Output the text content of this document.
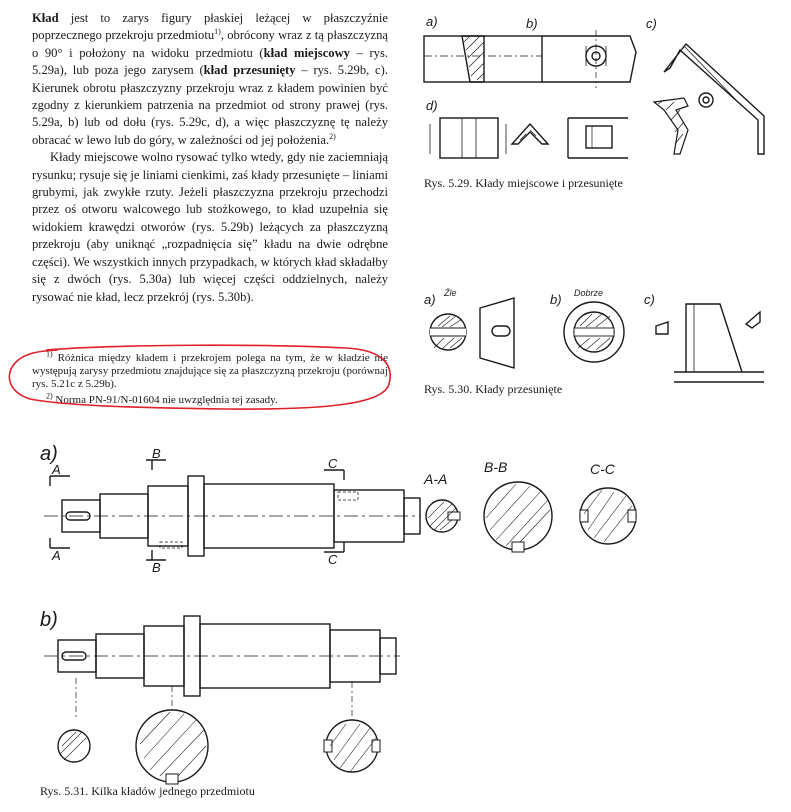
Kład jest to zarys figury płaskiej leżącej w płaszczyźnie poprzecznego przekroju przedmiotu$^{1)}$, obrócony wraz z tą płaszczyzną o 90° i położony na widoku przedmiotu (kład miejscowy – rys. 5.29a), lub poza jego zarysem (kład przesunięty – rys. 5.29b, c). Kierunek obrotu płaszczyzny przekroju wraz z kładem powinien być zgodny z kierunkiem patrzenia na przedmiot od strony prawej (rys. 5.29a, b) lub od dołu (rys. 5.29c, d), a więc płaszczyznę tę należy obracać w lewo lub do góry, w zależności od jej położenia.$^{2)}$

Kłady miejscowe wolno rysować tylko wtedy, gdy nie zaciemniają rysunku; rysuje się je liniami cienkimi, zaś kłady przesunięte – liniami grubymi, jak zwykłe rzuty. Jeżeli płaszczyzna przekroju przechodzi przez oś otworu walcowego lub stożkowego, to kład uzupełnia się widokiem krawędzi otworów (rys. 5.29b) leżących za płaszczyzną przekroju (aby uniknąć „rozpadnięcia się” kładu na dwie odrębne części). We wszystkich innych przypadkach, w których kład składałby się z dwóch (rys. 5.30a) lub więcej części oddzielnych, należy rysować nie kład, lecz przekrój (rys. 5.30b).

$^{1)}$ Różnica między kładem i przekrojem polega na tym, że w kładzie nie występują zarysy przedmiotu znajdujące się za płaszczyzną przekroju (porównaj rys. 5.21c z 5.29b).

$^{2)}$ Norma PN-91/N-01604 nie uwzględnia tej zasady.

a)	b)	c)
d)
Rys. 5.29. Kłady miejscowe i przesunięte
a) Źle	b) Dobrze	c)
Rys. 5.30. Kłady przesunięte
a)
A
A
B
B
C
C
A-A
B-B	C-C
b)
Rys. 5.31. Kilka kładów jednego przedmiotu
